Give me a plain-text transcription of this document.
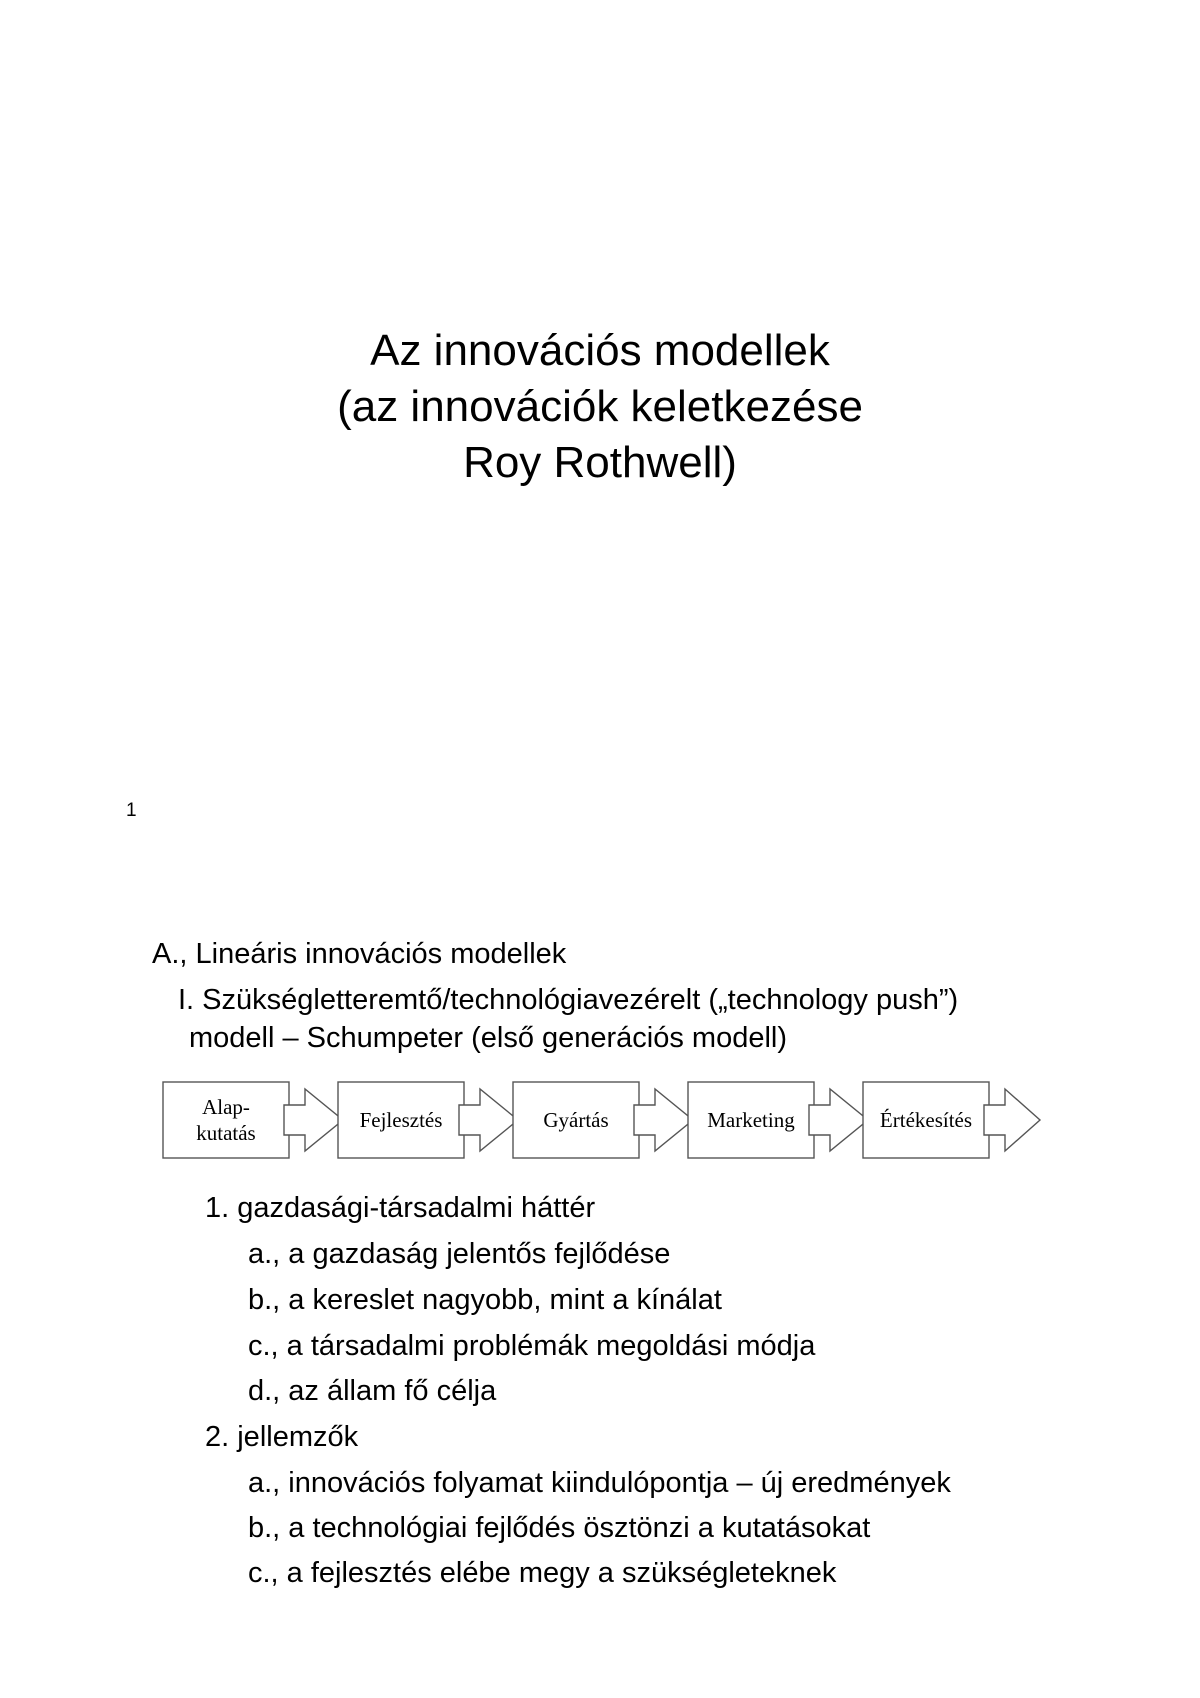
Az innovációs modellek
(az innovációk keletkezése
Roy Rothwell)
1
A., Lineáris innovációs modellek
I. Szükségletteremtő/technológiavezérelt („technology push”)
modell – Schumpeter (első generációs modell)
Alap-
kutatás
Fejlesztés	Gyártás	Marketing	Értékesítés
1. gazdasági-társadalmi háttér
a., a gazdaság jelentős fejlődése
b., a kereslet nagyobb, mint a kínálat
c., a társadalmi problémák megoldási módja
d., az állam fő célja
2. jellemzők
a., innovációs folyamat kiindulópontja – új eredmények
b., a technológiai fejlődés ösztönzi a kutatásokat
c., a fejlesztés elébe megy a szükségleteknek
